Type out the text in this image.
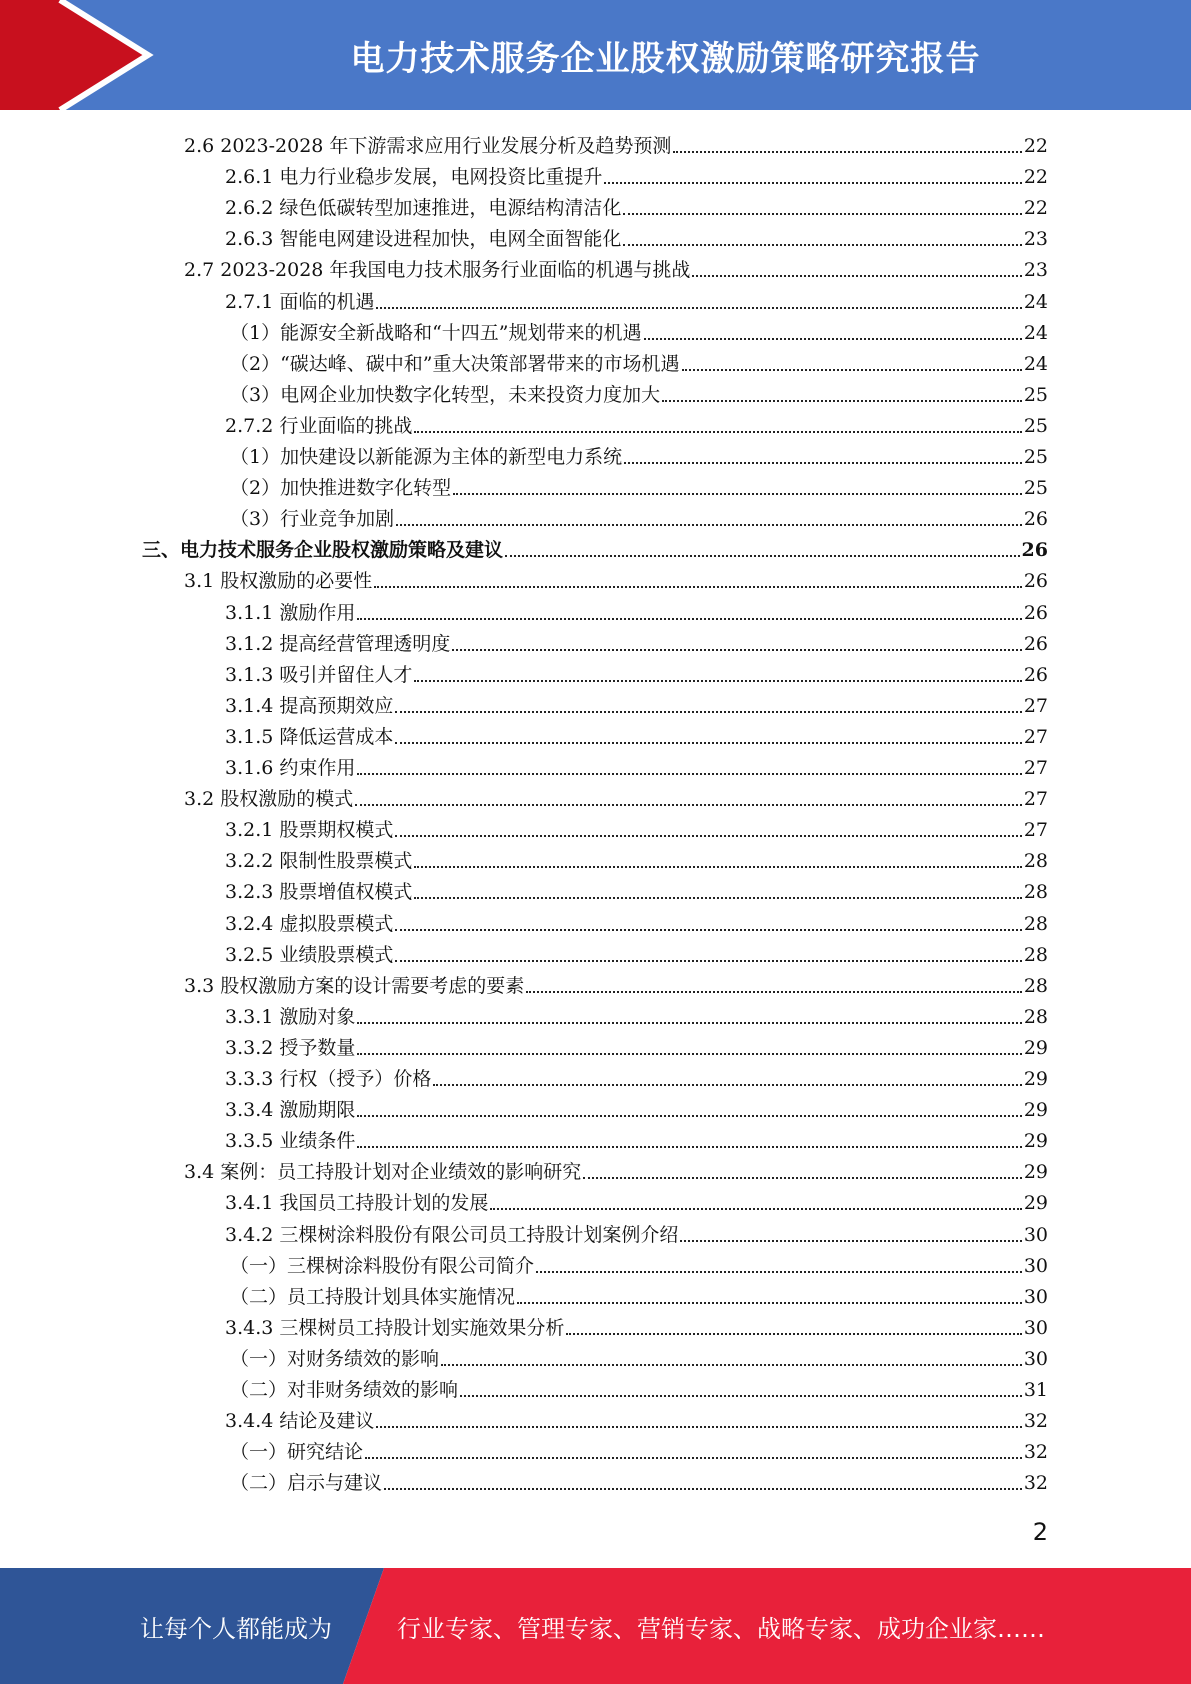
电力技术服务企业股权激励策略研究报告
2.6 2023-2028 年下游需求应用行业发展分析及趋势预测	22
2.6.1 电力行业稳步发展，电网投资比重提升	22
2.6.2 绿色低碳转型加速推进，电源结构清洁化	22
2.6.3 智能电网建设进程加快，电网全面智能化	23
2.7 2023-2028 年我国电力技术服务行业面临的机遇与挑战	23
2.7.1 面临的机遇	24
（1）能源安全新战略和“十四五”规划带来的机遇	24
（2）“碳达峰、碳中和”重大决策部署带来的市场机遇	24
（3）电网企业加快数字化转型，未来投资力度加大	25
2.7.2 行业面临的挑战	25
（1）加快建设以新能源为主体的新型电力系统	25
（2）加快推进数字化转型	25
（3）行业竞争加剧	26
三、电力技术服务企业股权激励策略及建议	26
3.1 股权激励的必要性	26
3.1.1 激励作用	26
3.1.2 提高经营管理透明度	26
3.1.3 吸引并留住人才	26
3.1.4 提高预期效应	27
3.1.5 降低运营成本	27
3.1.6 约束作用	27
3.2 股权激励的模式	27
3.2.1 股票期权模式	27
3.2.2 限制性股票模式	28
3.2.3 股票增值权模式	28
3.2.4 虚拟股票模式	28
3.2.5 业绩股票模式	28
3.3 股权激励方案的设计需要考虑的要素	28
3.3.1 激励对象	28
3.3.2 授予数量	29
3.3.3 行权（授予）价格	29
3.3.4 激励期限	29
3.3.5 业绩条件	29
3.4 案例：员工持股计划对企业绩效的影响研究	29
3.4.1 我国员工持股计划的发展	29
3.4.2 三棵树涂料股份有限公司员工持股计划案例介绍	30
（一）三棵树涂料股份有限公司简介	30
（二）员工持股计划具体实施情况	30
3.4.3 三棵树员工持股计划实施效果分析	30
（一）对财务绩效的影响	30
（二）对非财务绩效的影响	31
3.4.4 结论及建议	32
（一）研究结论	32
（二）启示与建议	32
2
让每个人都能成为	行业专家、管理专家、营销专家、战略专家、成功企业家……
